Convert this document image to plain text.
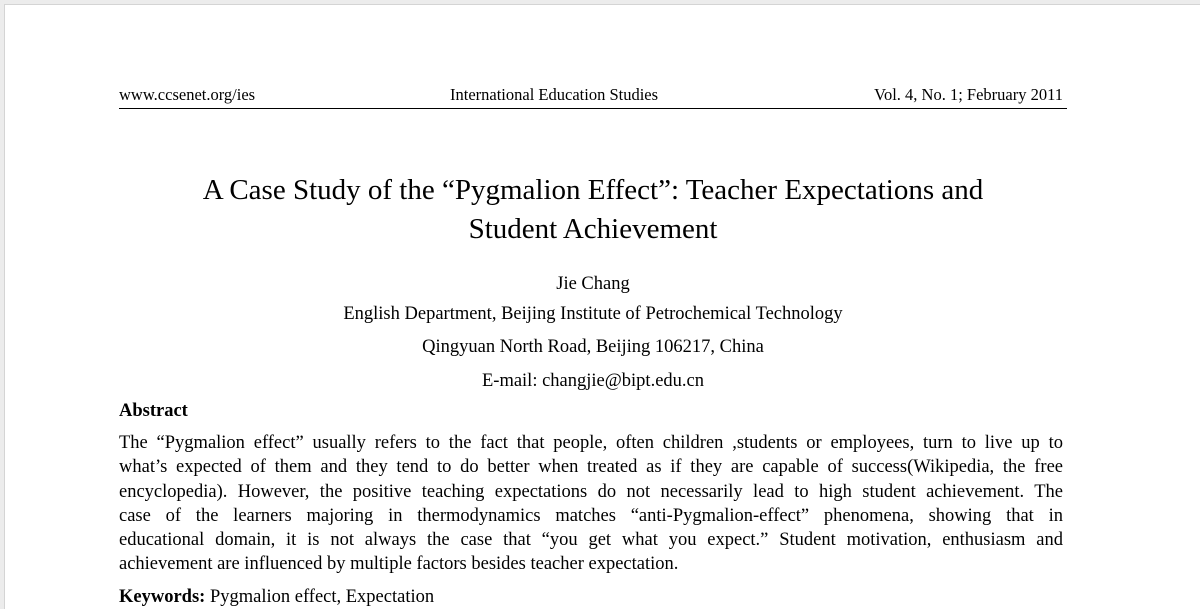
www.ccsenet.org/ies	International Education Studies	Vol. 4, No. 1; February 2011
A Case Study of the “Pygmalion Effect”: Teacher Expectations and
Student Achievement
Jie Chang
English Department, Beijing Institute of Petrochemical Technology
Qingyuan North Road, Beijing 106217, China
E-mail: changjie@bipt.edu.cn
Abstract
The “Pygmalion effect” usually refers to the fact that people, often children ,students or employees, turn to live up to
what’s expected of them and they tend to do better when treated as if they are capable of success(Wikipedia, the free
encyclopedia). However, the positive teaching expectations do not necessarily lead to high student achievement. The
case of the learners majoring in thermodynamics matches “anti-Pygmalion-effect” phenomena, showing that in
educational domain, it is not always the case that “you get what you expect.” Student motivation, enthusiasm and
achievement are influenced by multiple factors besides teacher expectation.
Keywords: Pygmalion effect, Expectation
